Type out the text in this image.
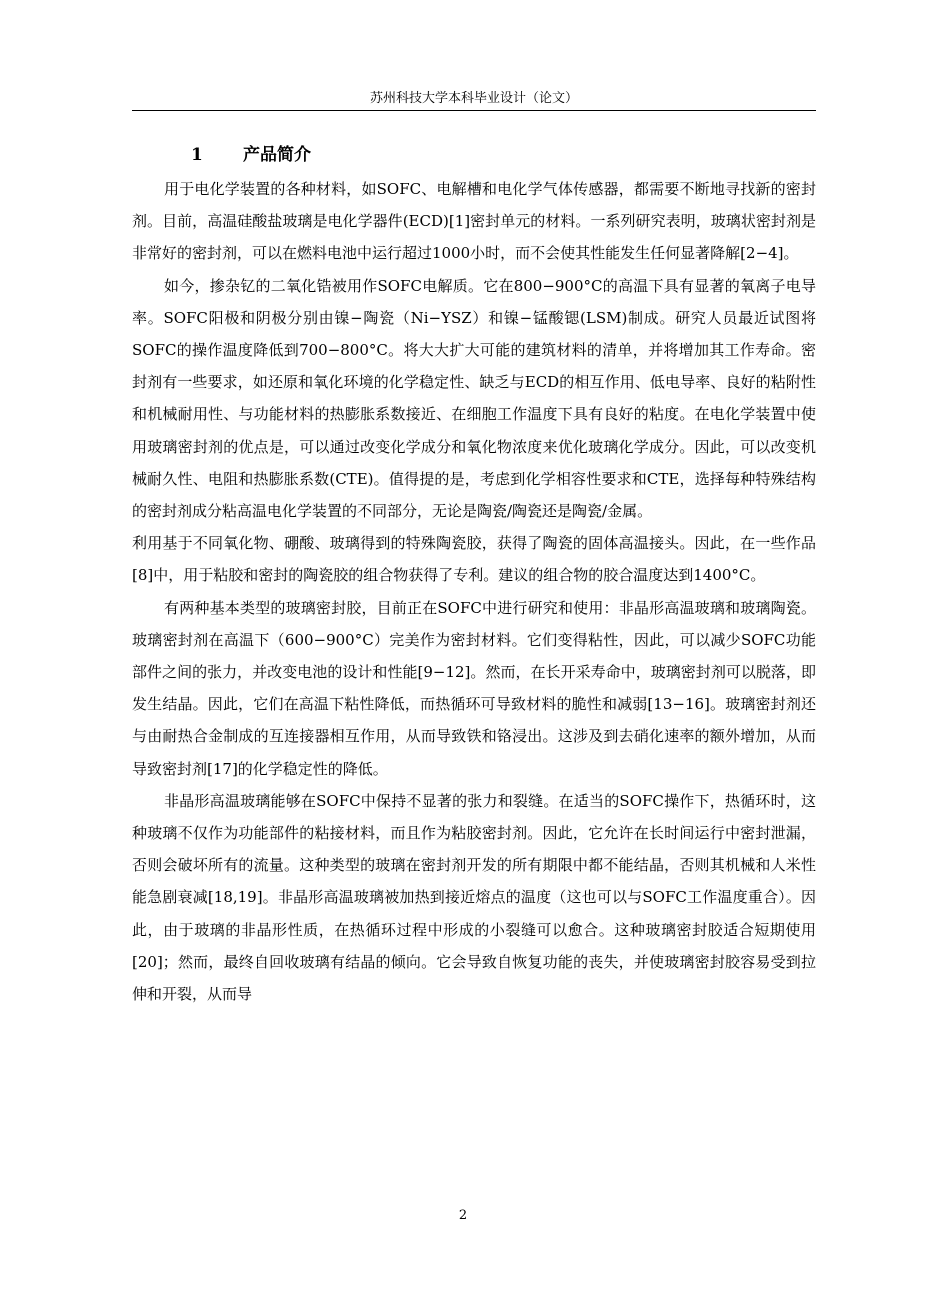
苏州科技大学本科毕业设计（论文）
1 产品简介

用于电化学装置的各种材料，如SOFC、电解槽和电化学气体传感器，都需要不断地寻找新的密封剂。目前，高温硅酸盐玻璃是电化学器件(ECD)[1]密封单元的材料。一系列研究表明，玻璃状密封剂是非常好的密封剂，可以在燃料电池中运行超过1000小时，而不会使其性能发生任何显著降解[2−4]。

如今，掺杂钇的二氧化锆被用作SOFC电解质。它在800−900°C的高温下具有显著的氧离子电导率。SOFC阳极和阴极分别由镍−陶瓷（Ni−YSZ）和镍−锰酸锶(LSM)制成。研究人员最近试图将SOFC的操作温度降低到700−800°C。将大大扩大可能的建筑材料的清单，并将增加其工作寿命。密封剂有一些要求，如还原和氧化环境的化学稳定性、缺乏与ECD的相互作用、低电导率、良好的粘附性和机械耐用性、与功能材料的热膨胀系数接近、在细胞工作温度下具有良好的粘度。在电化学装置中使用玻璃密封剂的优点是，可以通过改变化学成分和氧化物浓度来优化玻璃化学成分。因此，可以改变机械耐久性、电阻和热膨胀系数(CTE)。值得提的是，考虑到化学相容性要求和CTE，选择每种特殊结构的密封剂成分粘高温电化学装置的不同部分，无论是陶瓷/陶瓷还是陶瓷/金属。

利用基于不同氧化物、硼酸、玻璃得到的特殊陶瓷胶，获得了陶瓷的固体高温接头。因此，在一些作品[8]中，用于粘胶和密封的陶瓷胶的组合物获得了专利。建议的组合物的胶合温度达到1400°C。

有两种基本类型的玻璃密封胶，目前正在SOFC中进行研究和使用：非晶形高温玻璃和玻璃陶瓷。玻璃密封剂在高温下（600−900°C）完美作为密封材料。它们变得粘性，因此，可以减少SOFC功能部件之间的张力，并改变电池的设计和性能[9−12]。然而，在长开采寿命中，玻璃密封剂可以脱落，即发生结晶。因此，它们在高温下粘性降低，而热循环可导致材料的脆性和减弱[13−16]。玻璃密封剂还与由耐热合金制成的互连接器相互作用，从而导致铁和铬浸出。这涉及到去硝化速率的额外增加，从而导致密封剂[17]的化学稳定性的降低。

非晶形高温玻璃能够在SOFC中保持不显著的张力和裂缝。在适当的SOFC操作下，热循环时，这种玻璃不仅作为功能部件的粘接材料，而且作为粘胶密封剂。因此，它允许在长时间运行中密封泄漏，否则会破坏所有的流量。这种类型的玻璃在密封剂开发的所有期限中都不能结晶，否则其机械和人米性能急剧衰减[18,19]。非晶形高温玻璃被加热到接近熔点的温度（这也可以与SOFC工作温度重合）。因此，由于玻璃的非晶形性质，在热循环过程中形成的小裂缝可以愈合。这种玻璃密封胶适合短期使用[20]；然而，最终自回收玻璃有结晶的倾向。它会导致自恢复功能的丧失，并使玻璃密封胶容易受到拉伸和开裂，从而导

2
